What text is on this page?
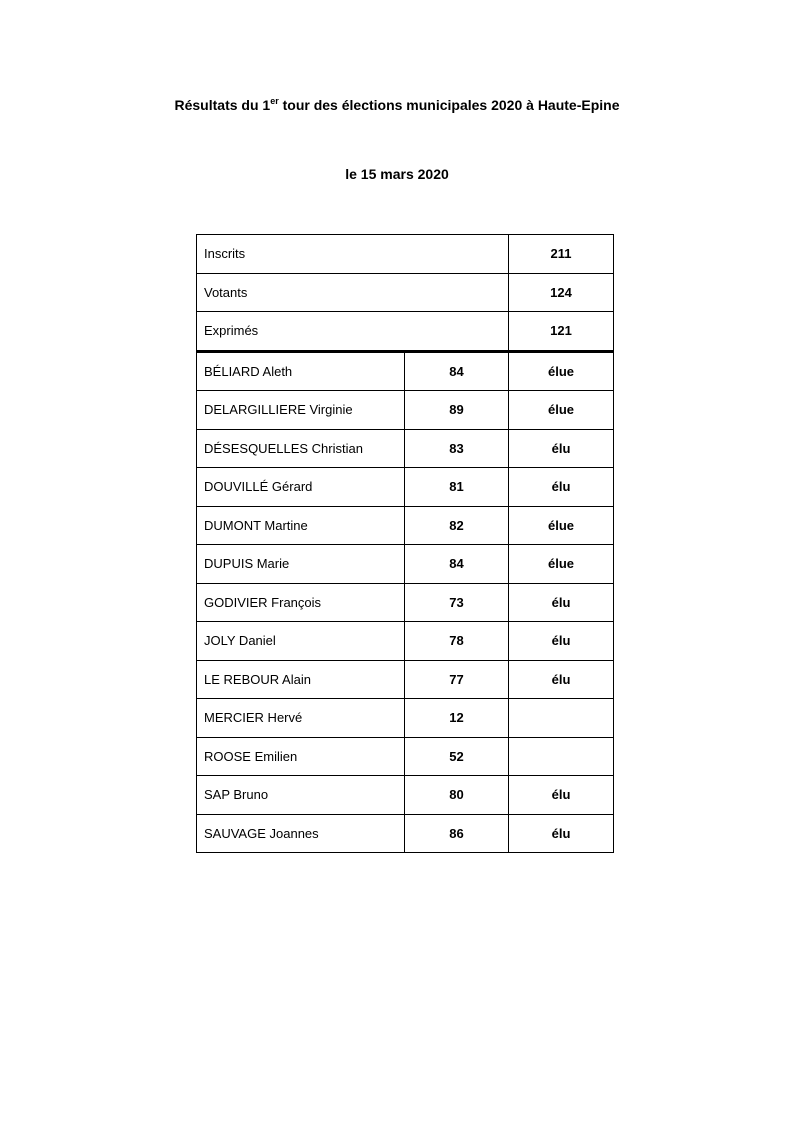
Résultats du 1er tour des élections municipales 2020 à Haute-Epine
le 15 mars 2020
Inscrits		211
Votants		124
Exprimés		121
BÉLIARD Aleth	84	élue
DELARGILLIERE Virginie	89	élue
DÉSESQUELLES Christian	83	élu
DOUVILLÉ Gérard	81	élu
DUMONT Martine	82	élue
DUPUIS Marie	84	élue
GODIVIER François	73	élu
JOLY Daniel	78	élu
LE REBOUR Alain	77	élu
MERCIER Hervé	12	
ROOSE Emilien	52	
SAP Bruno	80	élu
SAUVAGE Joannes	86	élu
